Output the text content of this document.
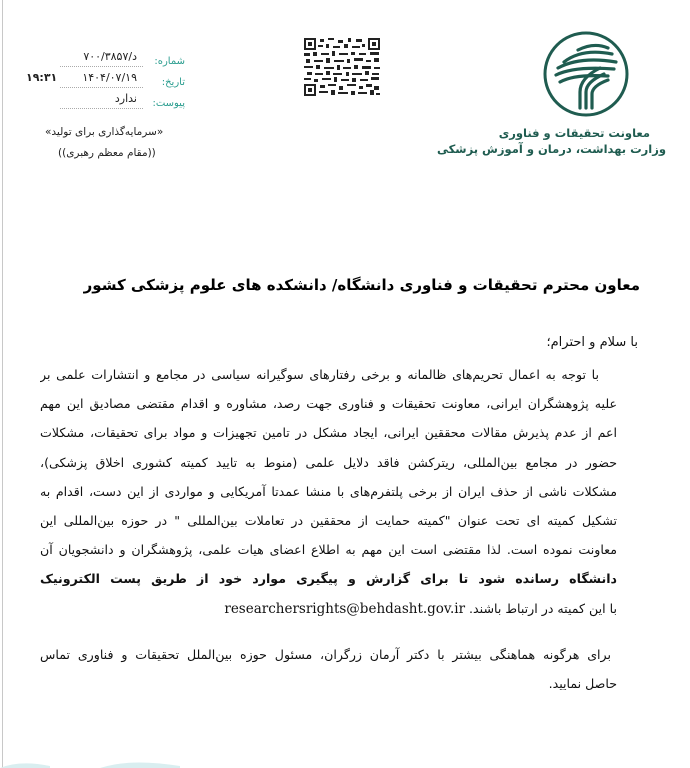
معاونت تحقیقات و فناوری
وزارت بهداشت، درمان و آموزش پزشکی
د/۷۰۰/۳۸۵۷ شماره:
۱۹:۳۱ ۱۴۰۴/۰۷/۱۹ تاریخ:
ندارد پیوست:
«سرمایه‌گذاری برای تولید»
((مقام معظم رهبری))
معاون محترم تحقیقات و فناوری دانشگاه/ دانشکده های علوم پزشکی کشور
با سلام و احترام؛
با توجه به اعمال تحریم‌های ظالمانه و برخی رفتارهای سوگیرانه سیاسی در مجامع و انتشارات علمی بر
علیه پژوهشگران ایرانی، معاونت تحقیقات و فناوری جهت رصد، مشاوره و اقدام مقتضی مصادیق این مهم
اعم از عدم پذیرش مقالات محققین ایرانی، ایجاد مشکل در تامین تجهیزات و مواد برای تحقیقات، مشکلات
حضور در مجامع بین‌المللی، ریترکشن فاقد دلایل علمی (منوط به تایید کمیته کشوری اخلاق پزشکی)،
مشکلات ناشی از حذف ایران از برخی پلتفرم‌های با منشا عمدتا آمریکایی و مواردی از این دست، اقدام به
تشکیل کمیته ای تحت عنوان "کمیته حمایت از محققین در تعاملات بین‌المللی " در حوزه بین‌المللی این
معاونت نموده است. لذا مقتضی است این مهم به اطلاع اعضای هیات علمی، پژوهشگران و دانشجویان آن
دانشگاه رسانده شود تا برای گزارش و پیگیری موارد خود از طریق پست الکترونیک
با این کمیته در ارتباط باشند. researchersrights@behdasht.gov.ir
برای هرگونه هماهنگی بیشتر با دکتر آرمان زرگران، مسئول حوزه بین‌الملل تحقیقات و فناوری تماس
حاصل نمایید.
